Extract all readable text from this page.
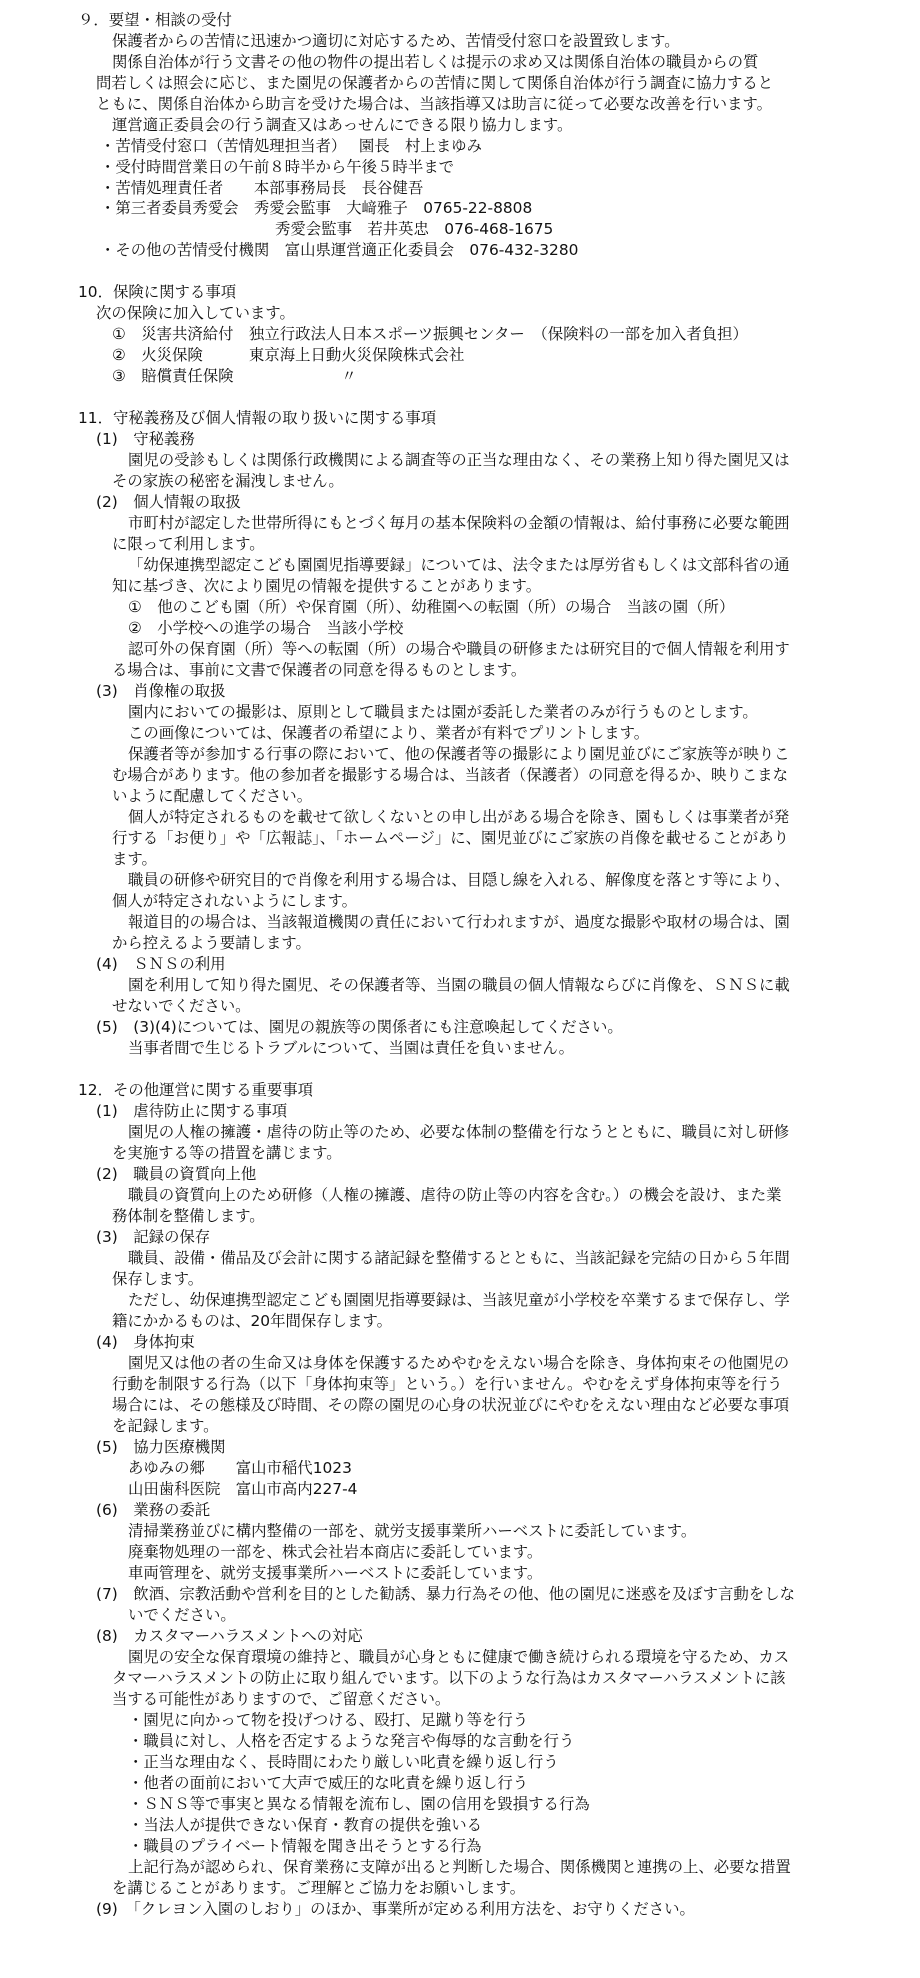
９．要望・相談の受付
保護者からの苦情に迅速かつ適切に対応するため、苦情受付窓口を設置致します。
関係自治体が行う文書その他の物件の提出若しくは提示の求め又は関係自治体の職員からの質
問若しくは照会に応じ、また園児の保護者からの苦情に関して関係自治体が行う調査に協力すると
ともに、関係自治体から助言を受けた場合は、当該指導又は助言に従って必要な改善を行います。
運営適正委員会の行う調査又はあっせんにできる限り協力します。
・苦情受付窓口（苦情処理担当者）　 園長　村上まゆみ
・受付時間営業日の午前８時半から午後５時半まで
・苦情処理責任者　　本部事務局長　長谷健吾
・第三者委員秀愛会　秀愛会監事　大﨑雅子　0765-22-8808
秀愛会監事　若井英忠　076-468-1675
・その他の苦情受付機関　富山県運営適正化委員会　076-432-3280
10．保険に関する事項
次の保険に加入しています。
①　災害共済給付　独立行政法人日本スポーツ振興センター　（保険料の一部を加入者負担）
②　火災保険　　　東京海上日動火災保険株式会社
③　賠償責任保険　　　　　　　〃
11．守秘義務及び個人情報の取り扱いに関する事項
(1)　守秘義務
園児の受診もしくは関係行政機関による調査等の正当な理由なく、その業務上知り得た園児又は
その家族の秘密を漏洩しません。
(2)　個人情報の取扱
市町村が認定した世帯所得にもとづく毎月の基本保険料の金額の情報は、給付事務に必要な範囲
に限って利用します。
「幼保連携型認定こども園園児指導要録」については、法令または厚労省もしくは文部科省の通
知に基づき、次により園児の情報を提供することがあります。
①　他のこども園（所）や保育園（所）、幼稚園への転園（所）の場合　当該の園（所）
②　小学校への進学の場合　当該小学校
認可外の保育園（所）等への転園（所）の場合や職員の研修または研究目的で個人情報を利用す
る場合は、事前に文書で保護者の同意を得るものとします。
(3)　肖像権の取扱
園内においての撮影は、原則として職員または園が委託した業者のみが行うものとします。
この画像については、保護者の希望により、業者が有料でプリントします。
保護者等が参加する行事の際において、他の保護者等の撮影により園児並びにご家族等が映りこ
む場合があります。他の参加者を撮影する場合は、当該者（保護者）の同意を得るか、映りこまな
いように配慮してください。
個人が特定されるものを載せて欲しくないとの申し出がある場合を除き、園もしくは事業者が発
行する「お便り」や「広報誌」、「ホームページ」に、園児並びにご家族の肖像を載せることがあり
ます。
職員の研修や研究目的で肖像を利用する場合は、目隠し線を入れる、解像度を落とす等により、
個人が特定されないようにします。
報道目的の場合は、当該報道機関の責任において行われますが、過度な撮影や取材の場合は、園
から控えるよう要請します。
(4)　ＳＮＳの利用
園を利用して知り得た園児、その保護者等、当園の職員の個人情報ならびに肖像を、ＳＮＳに載
せないでください。
(5)　(3)(4)については、園児の親族等の関係者にも注意喚起してください。
当事者間で生じるトラブルについて、当園は責任を負いません。
12．その他運営に関する重要事項
(1)　虐待防止に関する事項
園児の人権の擁護・虐待の防止等のため、必要な体制の整備を行なうとともに、職員に対し研修
を実施する等の措置を講じます。
(2)　職員の資質向上他
職員の資質向上のため研修（人権の擁護、虐待の防止等の内容を含む。）の機会を設け、また業
務体制を整備します。
(3)　記録の保存
職員、設備・備品及び会計に関する諸記録を整備するとともに、当該記録を完結の日から５年間
保存します。
ただし、幼保連携型認定こども園園児指導要録は、当該児童が小学校を卒業するまで保存し、学
籍にかかるものは、20年間保存します。
(4)　身体拘束
園児又は他の者の生命又は身体を保護するためやむをえない場合を除き、身体拘束その他園児の
行動を制限する行為（以下「身体拘束等」という。）を行いません。やむをえず身体拘束等を行う
場合には、その態様及び時間、その際の園児の心身の状況並びにやむをえない理由など必要な事項
を記録します。
(5)　協力医療機関
あゆみの郷　　富山市稲代1023
山田歯科医院　富山市高内227-4
(6)　業務の委託
清掃業務並びに構内整備の一部を、就労支援事業所ハーベストに委託しています。
廃棄物処理の一部を、株式会社岩本商店に委託しています。
車両管理を、就労支援事業所ハーベストに委託しています。
(7)　飲酒、宗教活動や営利を目的とした勧誘、暴力行為その他、他の園児に迷惑を及ぼす言動をしな
いでください。
(8)　カスタマーハラスメントへの対応
園児の安全な保育環境の維持と、職員が心身ともに健康で働き続けられる環境を守るため、カス
タマーハラスメントの防止に取り組んでいます。以下のような行為はカスタマーハラスメントに該
当する可能性がありますので、ご留意ください。
・園児に向かって物を投げつける、殴打、足蹴り等を行う
・職員に対し、人格を否定するような発言や侮辱的な言動を行う
・正当な理由なく、長時間にわたり厳しい叱責を繰り返し行う
・他者の面前において大声で威圧的な叱責を繰り返し行う
・ＳＮＳ等で事実と異なる情報を流布し、園の信用を毀損する行為
・当法人が提供できない保育・教育の提供を強いる
・職員のプライベート情報を聞き出そうとする行為
上記行為が認められ、保育業務に支障が出ると判断した場合、関係機関と連携の上、必要な措置
を講じることがあります。ご理解とご協力をお願いします。
(9)　「クレヨン入園のしおり」のほか、事業所が定める利用方法を、お守りください。
